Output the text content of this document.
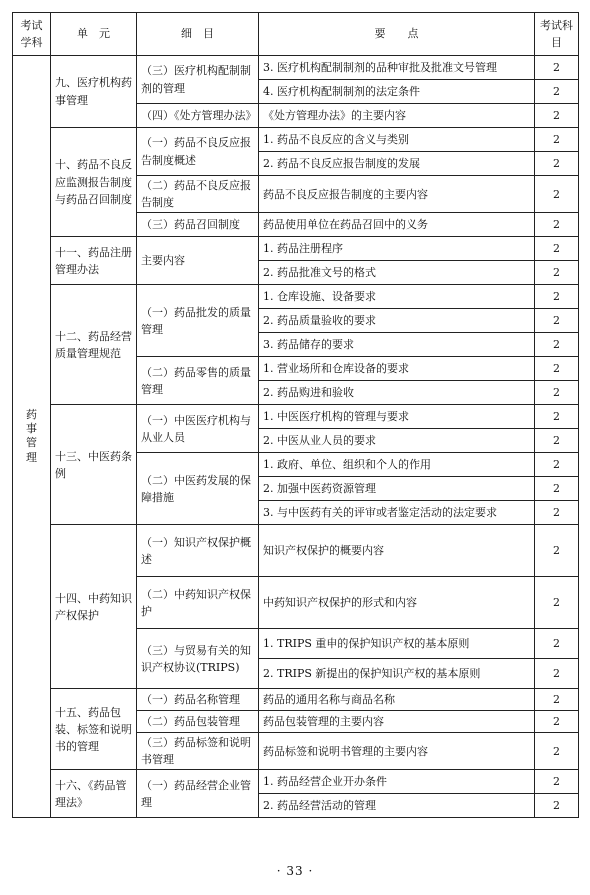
考试学科	单　元	细　目	要　　点	考试科目
药事管理	九、医疗机构药事管理	（三）医疗机构配制制剂的管理	3. 医疗机构配制制剂的品种审批及批准文号管理	2
			4. 医疗机构配制制剂的法定条件	2
		（四）《处方管理办法》	《处方管理办法》的主要内容	2
	十、药品不良反应监测报告制度与药品召回制度	（一）药品不良反应报告制度概述	1. 药品不良反应的含义与类别	2
			2. 药品不良反应报告制度的发展	2
		（二）药品不良反应报告制度	药品不良反应报告制度的主要内容	2
		（三）药品召回制度	药品使用单位在药品召回中的义务	2
	十一、药品注册管理办法	主要内容	1. 药品注册程序	2
			2. 药品批准文号的格式	2
	十二、药品经营质量管理规范	（一）药品批发的质量管理	1. 仓库设施、设备要求	2
			2. 药品质量验收的要求	2
			3. 药品储存的要求	2
		（二）药品零售的质量管理	1. 营业场所和仓库设备的要求	2
			2. 药品购进和验收	2
	十三、中医药条例	（一）中医医疗机构与从业人员	1. 中医医疗机构的管理与要求	2
			2. 中医从业人员的要求	2
		（二）中医药发展的保障措施	1. 政府、单位、组织和个人的作用	2
			2. 加强中医药资源管理	2
			3. 与中医药有关的评审或者鉴定活动的法定要求	2
	十四、中药知识产权保护	（一）知识产权保护概述	知识产权保护的概要内容	2
		（二）中药知识产权保护	中药知识产权保护的形式和内容	2
		（三）与贸易有关的知识产权协议(TRIPS)	1. TRIPS 重申的保护知识产权的基本原则	2
			2. TRIPS 新提出的保护知识产权的基本原则	2
	十五、药品包装、标签和说明书的管理	（一）药品名称管理	药品的通用名称与商品名称	2
		（二）药品包装管理	药品包装管理的主要内容	2
		（三）药品标签和说明书管理	药品标签和说明书管理的主要内容	2
	十六、《药品管理法》	（一）药品经营企业管理	1. 药品经营企业开办条件	2
			2. 药品经营活动的管理	2
· 33 ·
